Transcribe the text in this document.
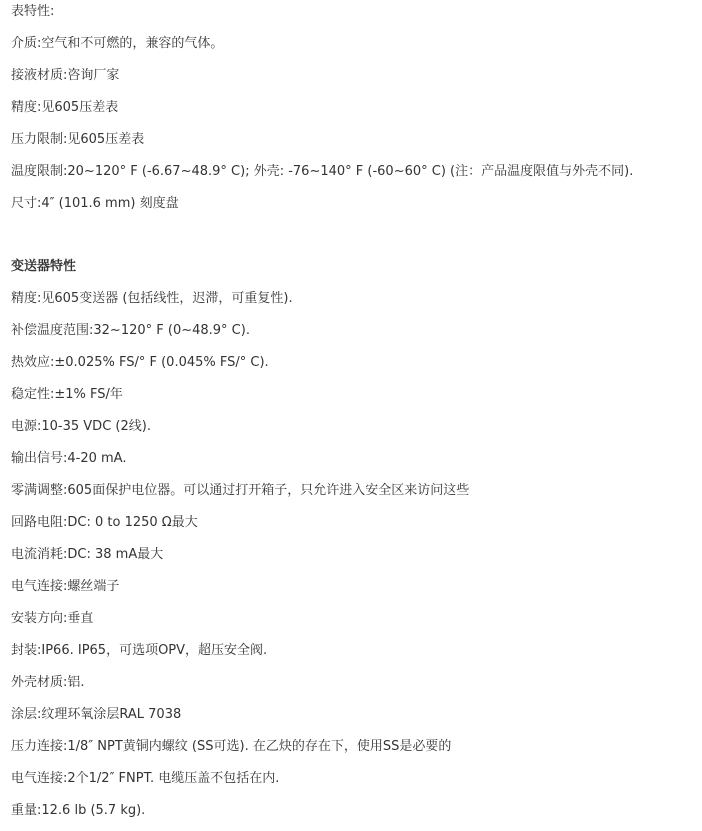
表特性:
介质:空气和不可燃的，兼容的气体。
接液材质:咨询厂家
精度:见605压差表
压力限制:见605压差表
温度限制:20~120° F (-6.67~48.9° C); 外壳: -76~140° F (-60~60° C) (注：产品温度限值与外壳不同).
尺寸:4″ (101.6 mm) 刻度盘
变送器特性
精度:见605变送器 (包括线性，迟滞，可重复性).
补偿温度范围:32~120° F (0~48.9° C).
热效应:±0.025% FS/° F (0.045% FS/° C).
稳定性:±1% FS/年
电源:10-35 VDC (2线).
输出信号:4-20 mA.
零满调整:605面保护电位器。可以通过打开箱子，只允许进入安全区来访问这些
回路电阻:DC: 0 to 1250 Ω最大
电流消耗:DC: 38 mA最大
电气连接:螺丝端子
安装方向:垂直
封装:IP66. IP65，可选项OPV，超压安全阀.
外壳材质:铝.
涂层:纹理环氧涂层RAL 7038
压力连接:1/8″ NPT黄铜内螺纹 (SS可选). 在乙炔的存在下，使用SS是必要的
电气连接:2个1/2″ FNPT. 电缆压盖不包括在内.
重量:12.6 lb (5.7 kg).
